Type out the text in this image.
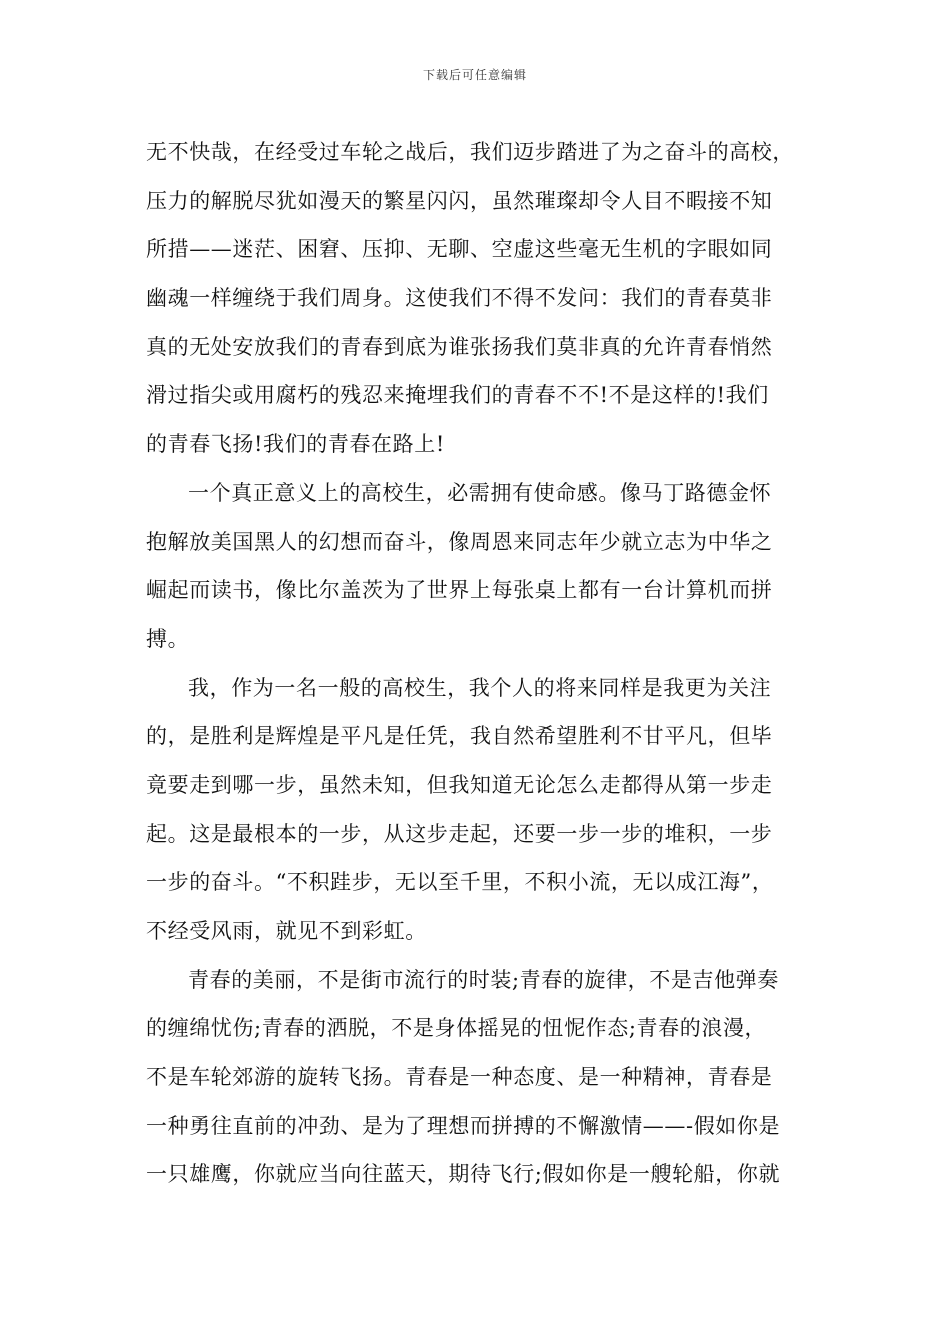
下载后可任意编辑
无不快哉，在经受过车轮之战后，我们迈步踏进了为之奋斗的高校，
压力的解脱尽犹如漫天的繁星闪闪，虽然璀璨却令人目不暇接不知
所措——迷茫、困窘、压抑、无聊、空虚这些毫无生机的字眼如同
幽魂一样缠绕于我们周身。这使我们不得不发问：我们的青春莫非
真的无处安放我们的青春到底为谁张扬我们莫非真的允许青春悄然
滑过指尖或用腐朽的残忍来掩埋我们的青春不不!不是这样的!我们
的青春飞扬!我们的青春在路上!
一个真正意义上的高校生，必需拥有使命感。像马丁路德金怀
抱解放美国黑人的幻想而奋斗，像周恩来同志年少就立志为中华之
崛起而读书，像比尔盖茨为了世界上每张桌上都有一台计算机而拼
搏。
我，作为一名一般的高校生，我个人的将来同样是我更为关注
的，是胜利是辉煌是平凡是任凭，我自然希望胜利不甘平凡，但毕
竟要走到哪一步，虽然未知，但我知道无论怎么走都得从第一步走
起。这是最根本的一步，从这步走起，还要一步一步的堆积，一步
一步的奋斗。“不积跬步，无以至千里，不积小流，无以成江海”，
不经受风雨，就见不到彩虹。
青春的美丽，不是街市流行的时装;青春的旋律，不是吉他弹奏
的缠绵忧伤;青春的洒脱，不是身体摇晃的忸怩作态;青春的浪漫，
不是车轮郊游的旋转飞扬。青春是一种态度、是一种精神，青春是
一种勇往直前的冲劲、是为了理想而拼搏的不懈激情——-假如你是
一只雄鹰，你就应当向往蓝天，期待飞行;假如你是一艘轮船，你就
